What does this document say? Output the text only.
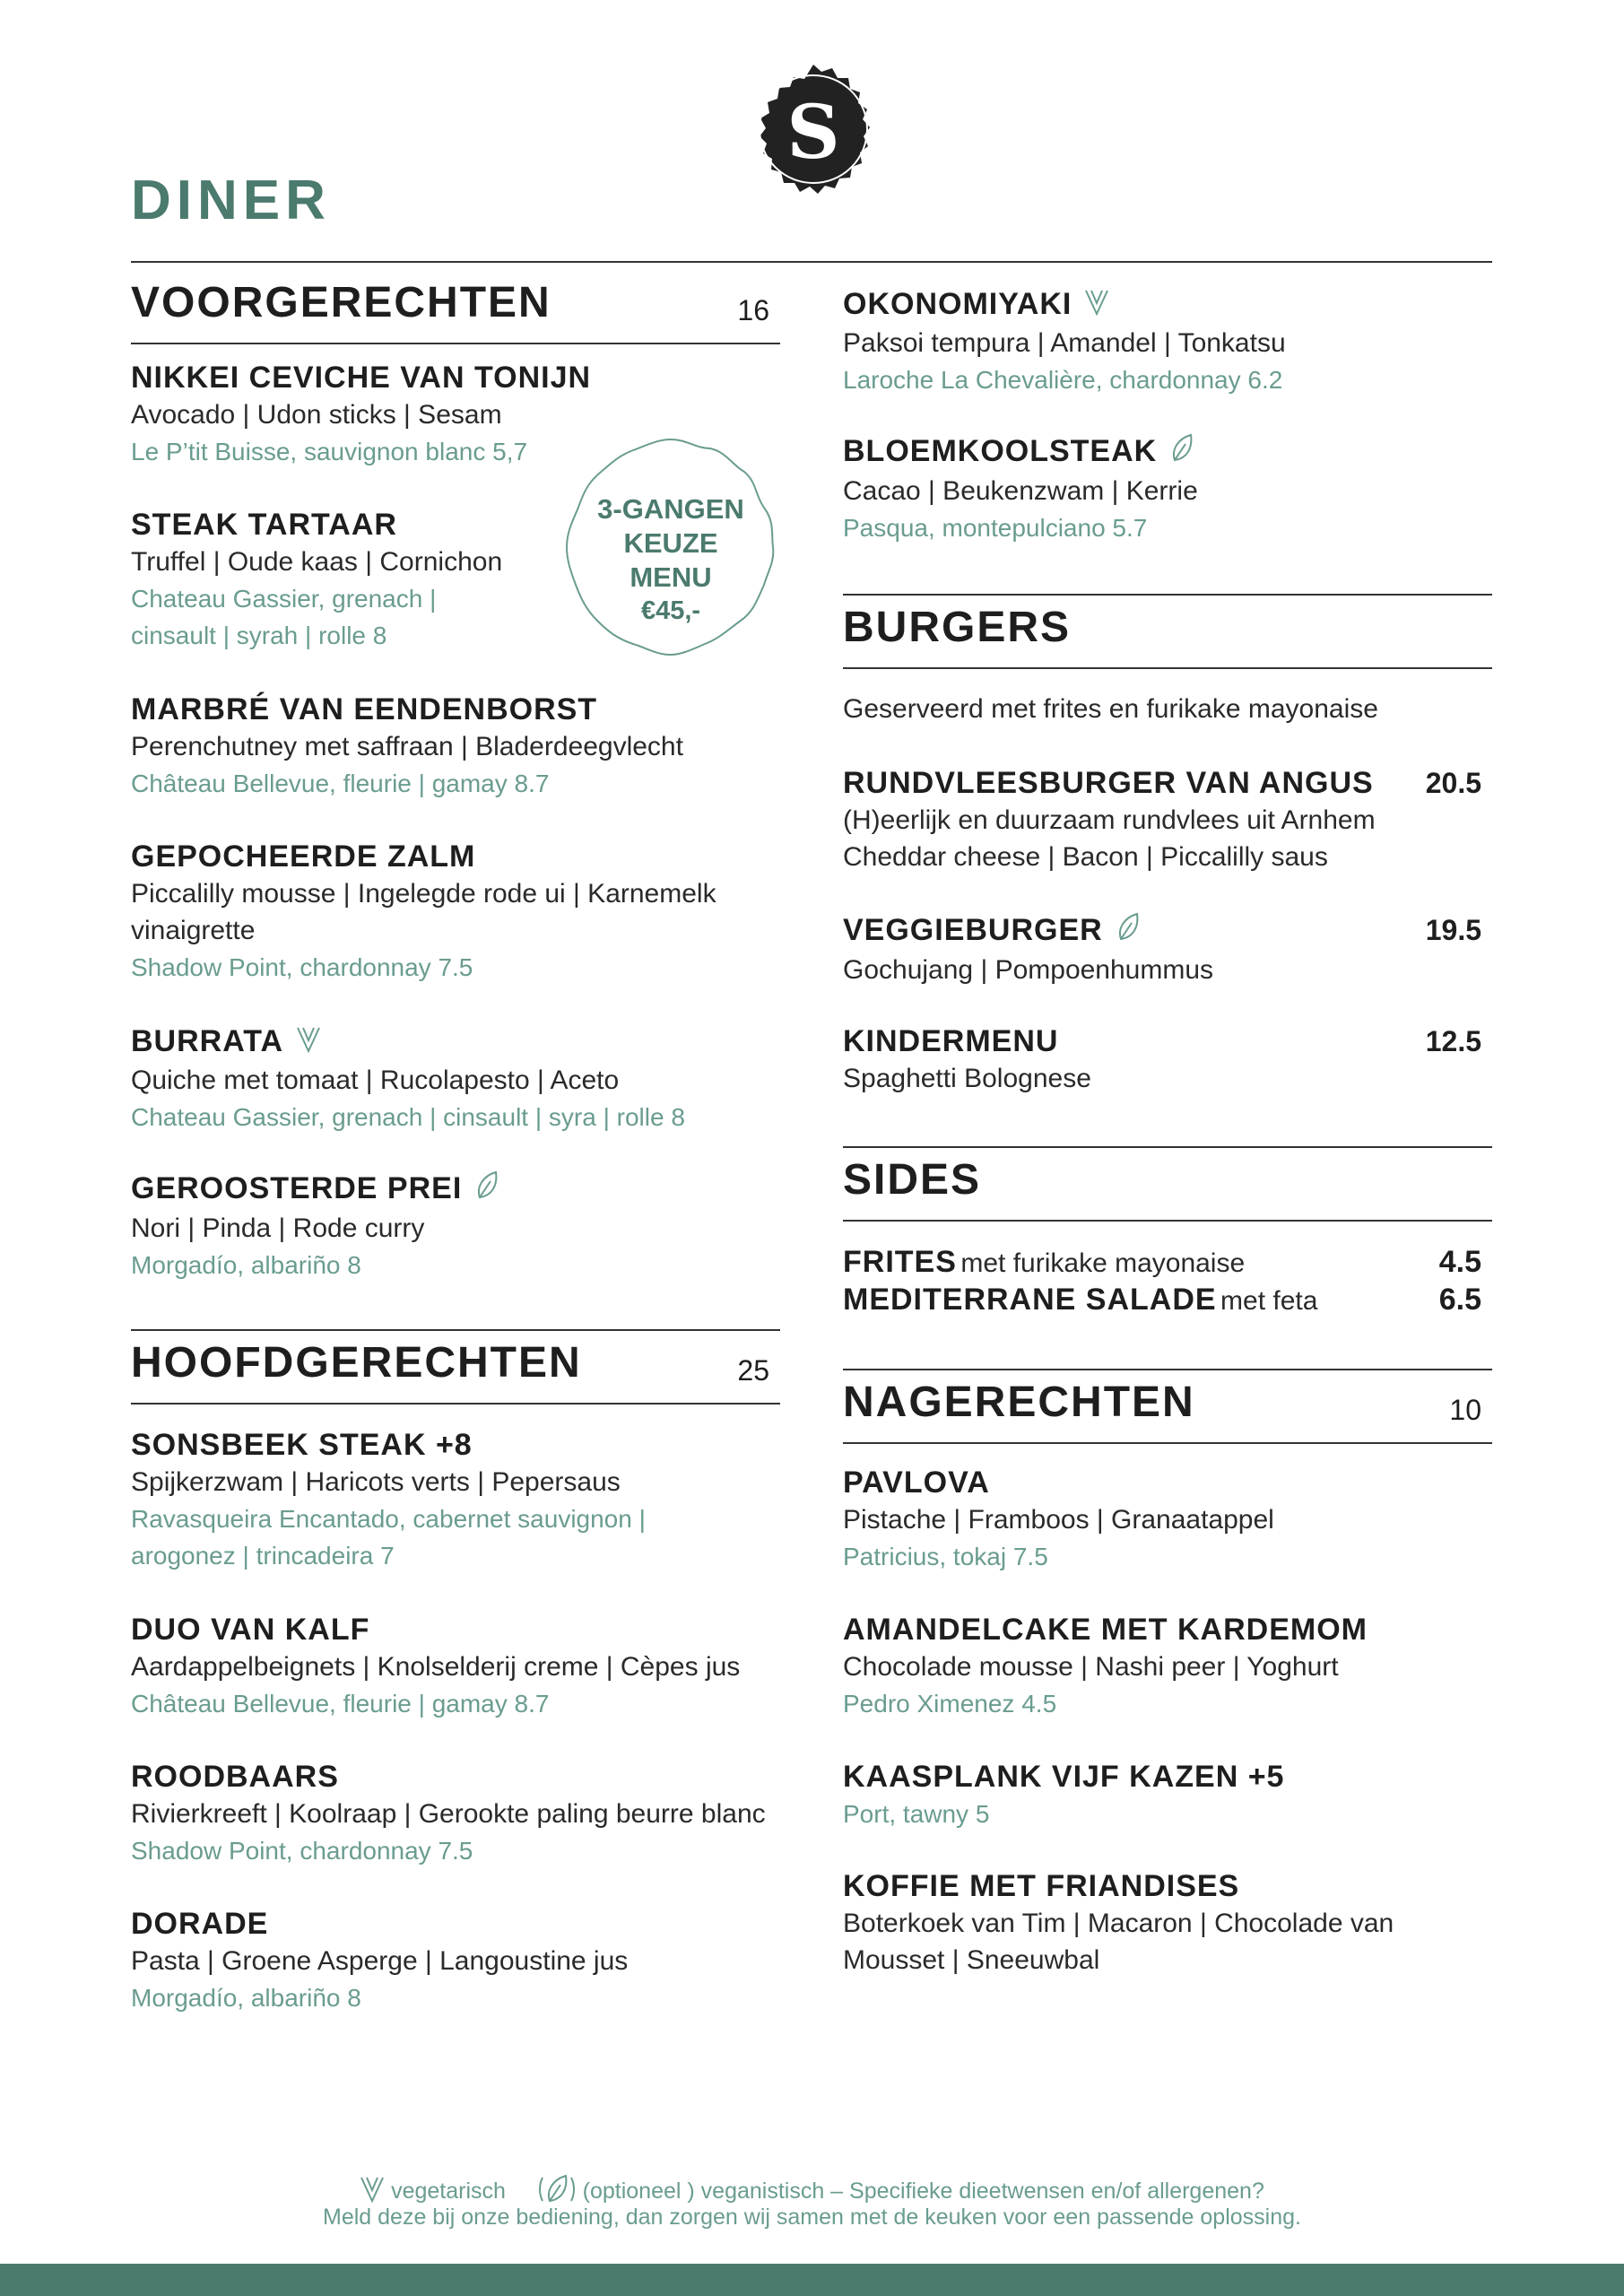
S
DINER
VOORGERECHTEN	16
NIKKEI CEVICHE VAN TONIJN
Avocado | Udon sticks | Sesam
Le P’tit Buisse, sauvignon blanc 5,7
STEAK TARTAAR
Truffel | Oude kaas | Cornichon
Chateau Gassier, grenach |
cinsault | syrah | rolle 8
MARBRÉ VAN EENDENBORST
Perenchutney met saffraan | Bladerdeegvlecht
Château Bellevue, fleurie | gamay 8.7
GEPOCHEERDE ZALM
Piccalilly mousse | Ingelegde rode ui | Karnemelk
vinaigrette
Shadow Point, chardonnay 7.5
BURRATA
Quiche met tomaat | Rucolapesto | Aceto
Chateau Gassier, grenach | cinsault | syra | rolle 8
GEROOSTERDE PREI
Nori | Pinda | Rode curry
Morgadío, albariño 8
3-GANGEN
KEUZE
MENU
€45,-
HOOFDGERECHTEN	25
SONSBEEK STEAK +8
Spijkerzwam | Haricots verts | Pepersaus
Ravasqueira Encantado, cabernet sauvignon |
arogonez | trincadeira 7
DUO VAN KALF
Aardappelbeignets | Knolselderij creme | Cèpes jus
Château Bellevue, fleurie | gamay 8.7
ROODBAARS
Rivierkreeft | Koolraap | Gerookte paling beurre blanc
Shadow Point, chardonnay 7.5
DORADE
Pasta | Groene Asperge | Langoustine jus
Morgadío, albariño 8
OKONOMIYAKI
Paksoi tempura | Amandel | Tonkatsu
Laroche La Chevalière, chardonnay 6.2
BLOEMKOOLSTEAK
Cacao | Beukenzwam | Kerrie
Pasqua, montepulciano 5.7
BURGERS
Geserveerd met frites en furikake mayonaise
RUNDVLEESBURGER VAN ANGUS	20.5
(H)eerlijk en duurzaam rundvlees uit Arnhem
Cheddar cheese | Bacon | Piccalilly saus
VEGGIEBURGER	19.5
Gochujang | Pompoenhummus
KINDERMENU	12.5
Spaghetti Bolognese
SIDES
FRITES met furikake mayonaise	4.5
MEDITERRANE SALADE met feta	6.5
NAGERECHTEN	10
PAVLOVA
Pistache | Framboos | Granaatappel
Patricius, tokaj 7.5
AMANDELCAKE MET KARDEMOM
Chocolade mousse | Nashi peer | Yoghurt
Pedro Ximenez 4.5
KAASPLANK VIJF KAZEN +5
Port, tawny 5
KOFFIE MET FRIANDISES
Boterkoek van Tim | Macaron | Chocolade van
Mousset | Sneeuwbal
vegetarisch	(optioneel ) veganistisch – Specifieke dieetwensen en/of allergenen?
Meld deze bij onze bediening, dan zorgen wij samen met de keuken voor een passende oplossing.
